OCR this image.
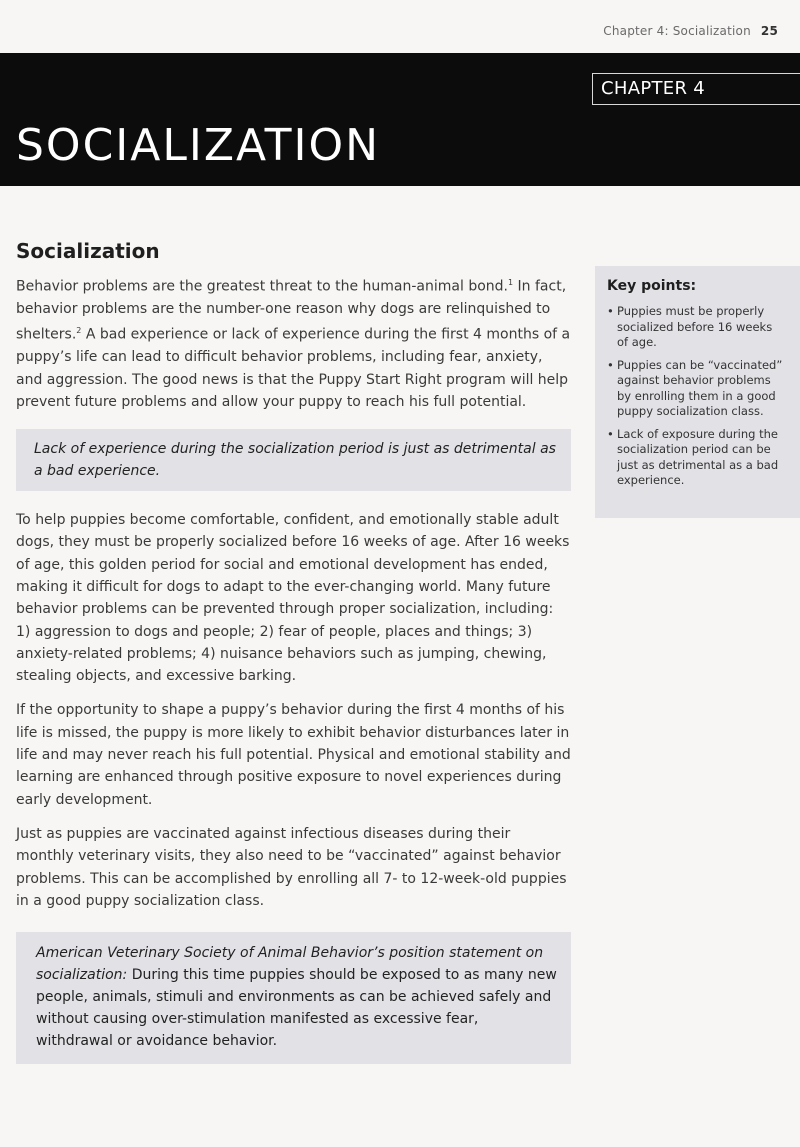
Chapter 4: Socialization 25
CHAPTER 4
SOCIALIZATION
Socialization

Behavior problems are the greatest threat to the human-animal bond.$^1$ In fact, behavior problems are the number-one reason why dogs are relinquished to shelters.$^2$ A bad experience or lack of experience during the first 4 months of a puppy’s life can lead to difficult behavior problems, including fear, anxiety, and aggression. The good news is that the Puppy Start Right program will help prevent future problems and allow your puppy to reach his full potential.

Lack of experience during the socialization period is just as detrimental as a bad experience.

To help puppies become comfortable, confident, and emotionally stable adult dogs, they must be properly socialized before 16 weeks of age. After 16 weeks of age, this golden period for social and emotional development has ended, making it difficult for dogs to adapt to the ever-changing world. Many future behavior problems can be prevented through proper socialization, including: 1) aggression to dogs and people; 2) fear of people, places and things; 3) anxiety-related problems; 4) nuisance behaviors such as jumping, chewing, stealing objects, and excessive barking.

If the opportunity to shape a puppy’s behavior during the first 4 months of his life is missed, the puppy is more likely to exhibit behavior disturbances later in life and may never reach his full potential. Physical and emotional stability and learning are enhanced through positive exposure to novel experiences during early development.

Just as puppies are vaccinated against infectious diseases during their monthly veterinary visits, they also need to be “vaccinated” against behavior problems. This can be accomplished by enrolling all 7- to 12-week-old puppies in a good puppy socialization class.

American Veterinary Society of Animal Behavior’s position statement on socialization: During this time puppies should be exposed to as many new people, animals, stimuli and environments as can be achieved safely and without causing over-stimulation manifested as excessive fear, withdrawal or avoidance behavior.
Key points:
• Puppies must be properly socialized before 16 weeks of age.
• Puppies can be “vaccinated” against behavior problems by enrolling them in a good puppy socialization class.
• Lack of exposure during the socialization period can be just as detrimental as a bad experience.
